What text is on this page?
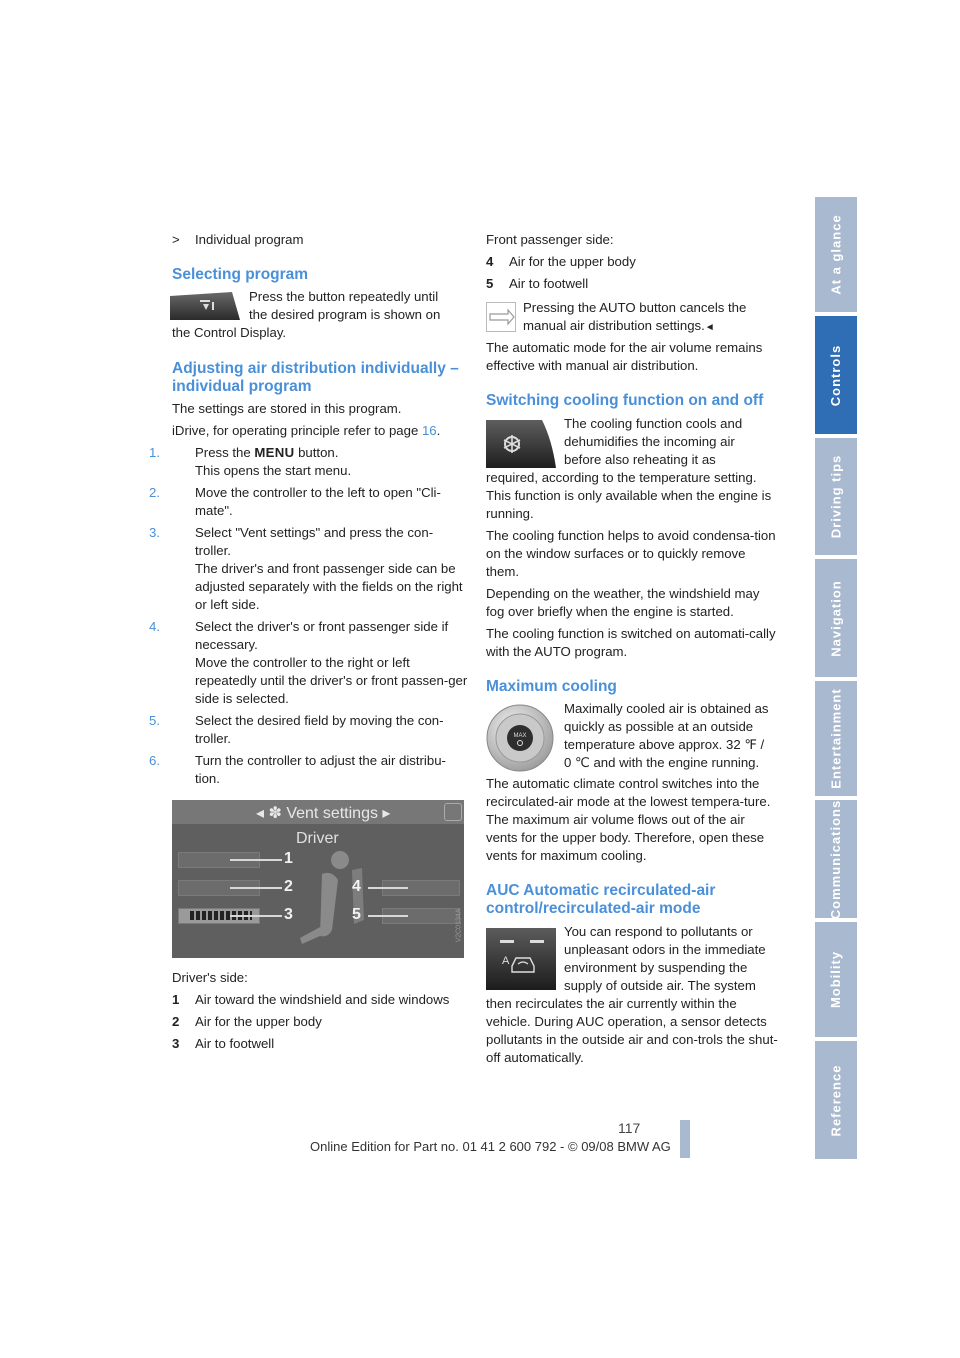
> Individual program
Selecting program
Press the button repeatedly until
the desired program is shown on
the Control Display.
Adjusting air distribution individually –
individual program

The settings are stored in this program.

iDrive, for operating principle refer to page 16.

1.	Press the MENU button.
This opens the start menu.
2.	Move the controller to the left to open "Cli-mate".
3.	Select "Vent settings" and press the con-troller.
The driver's and front passenger side can be adjusted separately with the fields on the right or left side.
4.	Select the driver's or front passenger side if necessary.
Move the controller to the right or left repeatedly until the driver's or front passen-ger side is selected.
5.	Select the desired field by moving the con-troller.
6.	Turn the controller to adjust the air distribu-tion.
◂ ✽ Vent settings ▸
Driver
1
2
3
4
5	V2C0134A

Driver's side:

1 Air toward the windshield and side windows
2 Air for the upper body
3 Air to footwell

Front passenger side:

4 Air for the upper body
5 Air to footwell
Pressing the AUTO button cancels the
manual air distribution settings.◄
The automatic mode for the air volume remains effective with manual air distribution.
Switching cooling function on and off
The cooling function cools and
dehumidifies the incoming air
before also reheating it as

required, according to the temperature setting. This function is only available when the engine is running.

The cooling function helps to avoid condensa-tion on the window surfaces or to quickly remove them.

Depending on the weather, the windshield may fog over briefly when the engine is started.

The cooling function is switched on automati-cally with the AUTO program.

Maximum cooling
MAX
Maximally cooled air is obtained as
quickly as possible at an outside
temperature above approx. 32 ℉ /
0 ℃ and with the engine running.
The automatic climate control switches into the recirculated-air mode at the lowest tempera-ture. The maximum air volume flows out of the air vents for the upper body. Therefore, open these vents for maximum cooling.
AUC Automatic recirculated-air
control/recirculated-air mode
A
You can respond to pollutants or
unpleasant odors in the immediate
environment by suspending the
supply of outside air. The system
then recirculates the air currently within the vehicle. During AUC operation, a sensor detects pollutants in the outside air and con-trols the shut-off automatically.
At a glance
Controls
Driving tips
Navigation
Entertainment
Communications
Mobility
Reference
117
Online Edition for Part no. 01 41 2 600 792 - © 09/08 BMW AG
